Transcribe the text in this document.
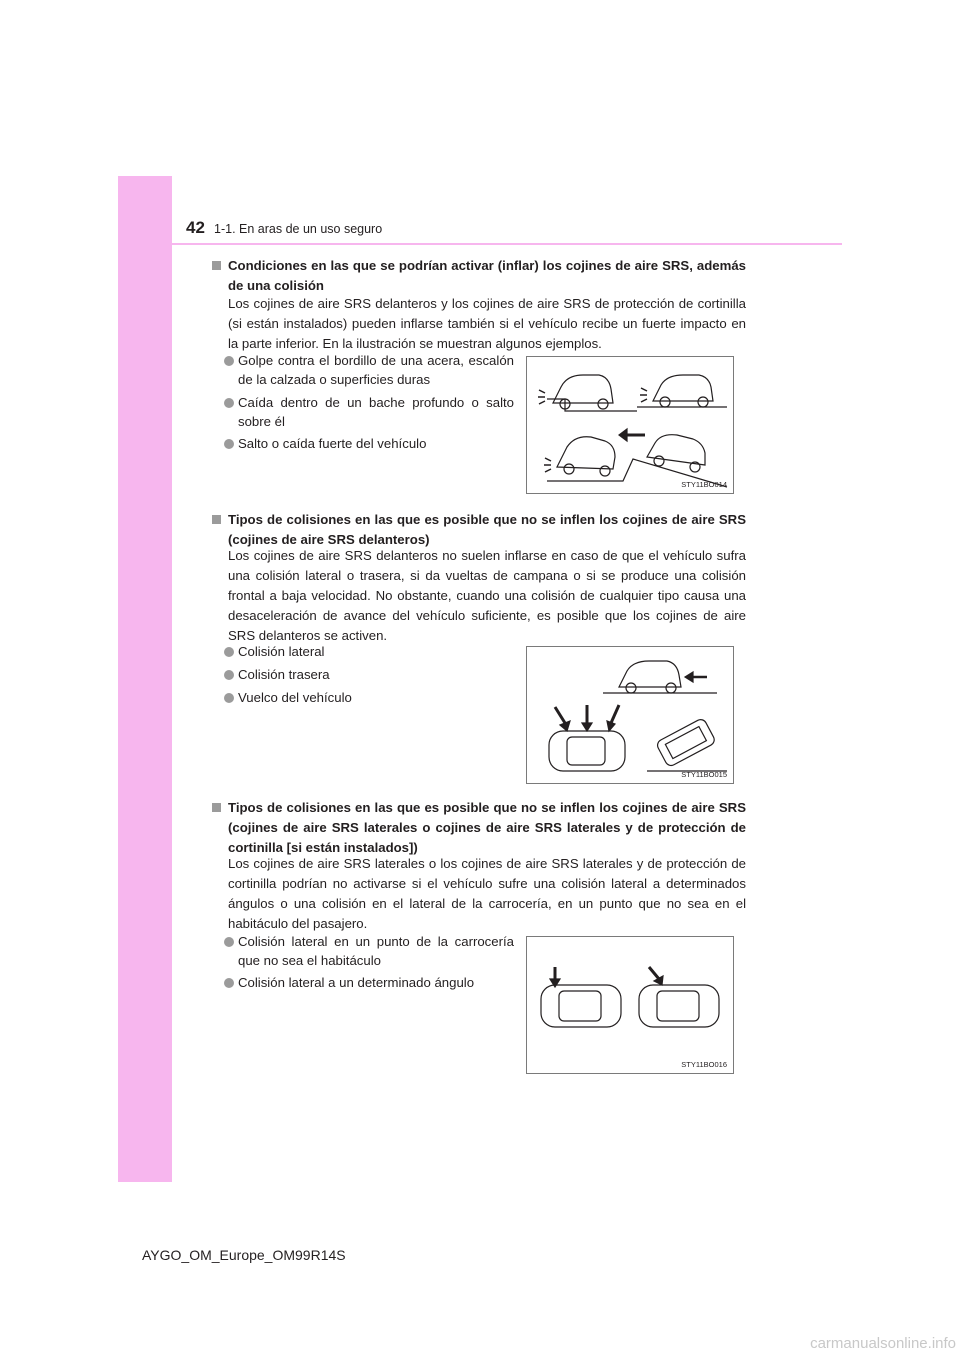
42 1-1. En aras de un uso seguro
Condiciones en las que se podrían activar (inflar) los cojines de aire SRS, además de una colisión
Los cojines de aire SRS delanteros y los cojines de aire SRS de protección de cortinilla (si están instalados) pueden inflarse también si el vehículo recibe un fuerte impacto en la parte inferior. En la ilustración se muestran algunos ejemplos.
Golpe contra el bordillo de una acera, escalón de la calzada o superficies duras
Caída dentro de un bache profundo o salto sobre él
Salto o caída fuerte del vehículo
STY11BO014
Tipos de colisiones en las que es posible que no se inflen los cojines de aire SRS (cojines de aire SRS delanteros)
Los cojines de aire SRS delanteros no suelen inflarse en caso de que el vehículo sufra una colisión lateral o trasera, si da vueltas de campana o si se produce una colisión frontal a baja velocidad. No obstante, cuando una colisión de cualquier tipo causa una desaceleración de avance del vehículo suficiente, es posible que los cojines de aire SRS delanteros se activen.
Colisión lateral
Colisión trasera
Vuelco del vehículo
STY11BO015
Tipos de colisiones en las que es posible que no se inflen los cojines de aire SRS (cojines de aire SRS laterales o cojines de aire SRS laterales y de protección de cortinilla [si están instalados])
Los cojines de aire SRS laterales o los cojines de aire SRS laterales y de protección de cortinilla podrían no activarse si el vehículo sufre una colisión lateral a determinados ángulos o una colisión en el lateral de la carrocería, en un punto que no sea en el habitáculo del pasajero.
Colisión lateral en un punto de la carrocería que no sea el habitáculo
Colisión lateral a un determinado ángulo
STY11BO016
AYGO_OM_Europe_OM99R14S
carmanualsonline.info
